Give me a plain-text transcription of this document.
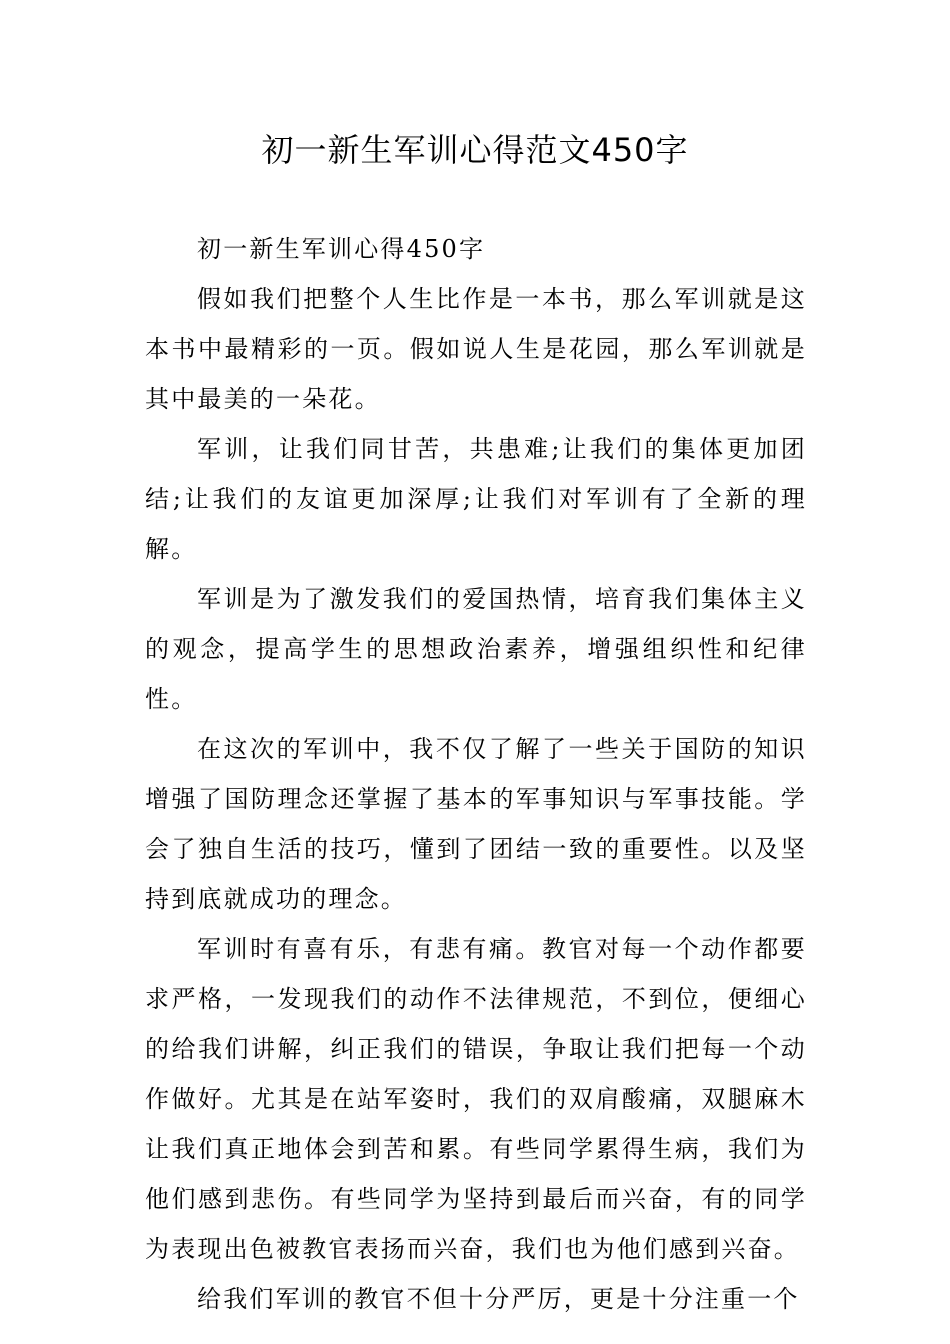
初一新生军训心得范文450字

初一新生军训心得450字

假如我们把整个人生比作是一本书，那么军训就是这本书中最精彩的一页。假如说人生是花园，那么军训就是其中最美的一朵花。

军训，让我们同甘苦，共患难;让我们的集体更加团结;让我们的友谊更加深厚;让我们对军训有了全新的理解。

军训是为了激发我们的爱国热情，培育我们集体主义的观念，提高学生的思想政治素养，增强组织性和纪律性。

在这次的军训中，我不仅了解了一些关于国防的知识增强了国防理念还掌握了基本的军事知识与军事技能。学会了独自生活的技巧，懂到了团结一致的重要性。以及坚持到底就成功的理念。

军训时有喜有乐，有悲有痛。教官对每一个动作都要求严格，一发现我们的动作不法律规范，不到位，便细心的给我们讲解，纠正我们的错误，争取让我们把每一个动作做好。尤其是在站军姿时，我们的双肩酸痛，双腿麻木让我们真正地体会到苦和累。有些同学累得生病，我们为他们感到悲伤。有些同学为坚持到最后而兴奋，有的同学为表现出色被教官表扬而兴奋，我们也为他们感到兴奋。

给我们军训的教官不但十分严厉，更是十分注重一个
